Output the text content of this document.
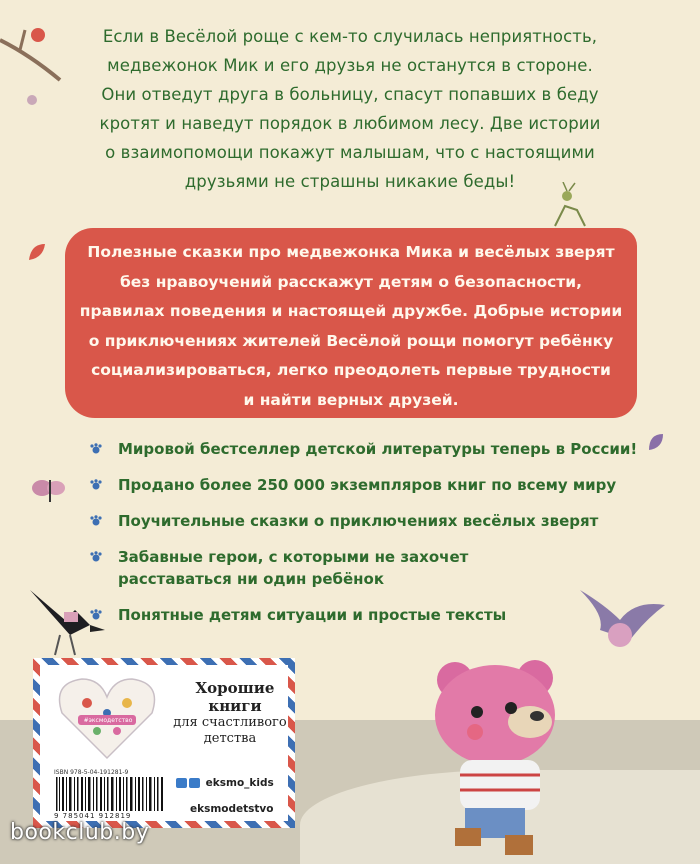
Если в Весёлой роще с кем-то случилась неприятность,
медвежонок Мик и его друзья не останутся в стороне.
Они отведут друга в больницу, спасут попавших в беду
кротят и наведут порядок в любимом лесу. Две истории
о взаимопомощи покажут малышам, что с настоящими
друзьями не страшны никакие беды!
Полезные сказки про медвежонка Мика и весёлых зверят
без нравоучений расскажут детям о безопасности,
правилах поведения и настоящей дружбе. Добрые истории
о приключениях жителей Весёлой рощи помогут ребёнку
социализироваться, легко преодолеть первые трудности
и найти верных друзей.
Мировой бестселлер детской литературы теперь в России!
Продано более 250 000 экземпляров книг по всему миру
Поучительные сказки о приключениях весёлых зверят
Забавные герои, с которыми не захочет расставаться ни один ребёнок
Понятные детям ситуации и простые тексты
#эксмодетство
Хорошие книги
для счастливого детства
ISBN 978-5-04-191281-9
9 785041 912819
eksmo_kids
eksmodetstvo
bookclub.by
